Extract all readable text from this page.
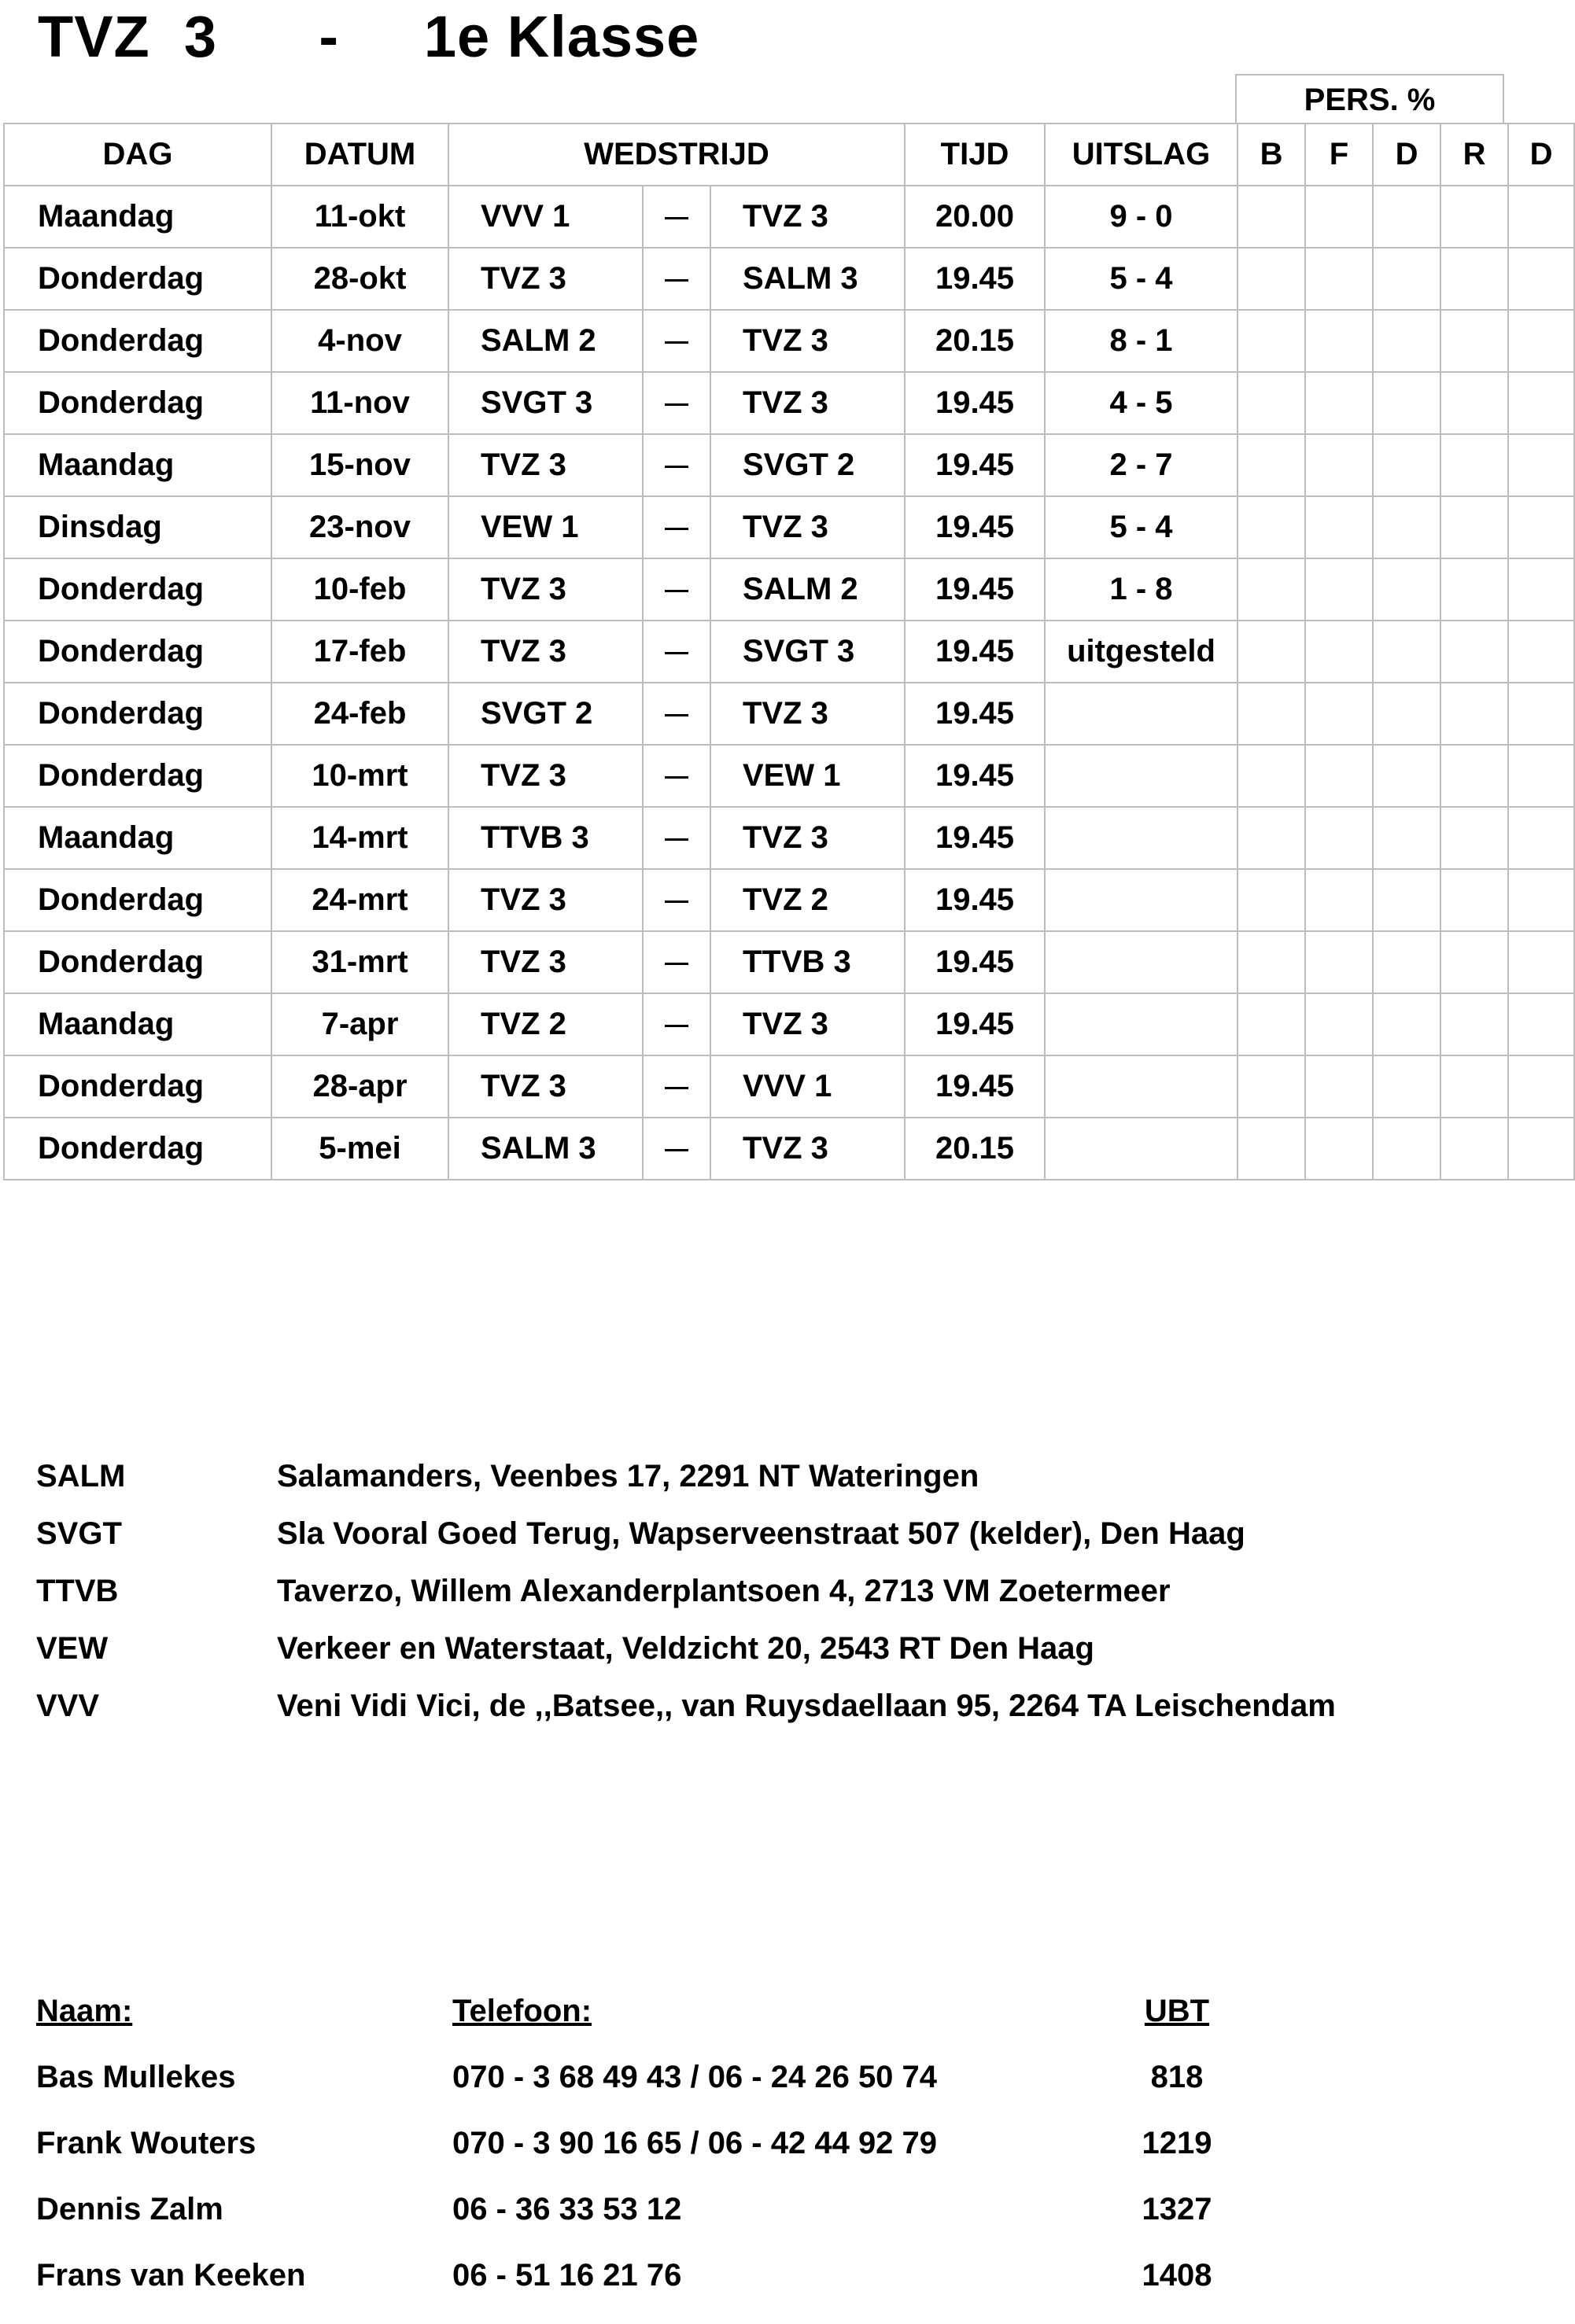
TVZ  3      -     1e Klasse
PERS. %
DAG	DATUM	WEDSTRIJD			TIJD	UITSLAG	B	F	D	R	D
Maandag	11-okt	VVV 1		TVZ 3	20.00	9 - 0					
Donderdag	28-okt	TVZ 3		SALM 3	19.45	5 - 4					
Donderdag	4-nov	SALM 2		TVZ 3	20.15	8 - 1					
Donderdag	11-nov	SVGT 3		TVZ 3	19.45	4 - 5					
Maandag	15-nov	TVZ 3		SVGT 2	19.45	2 - 7					
Dinsdag	23-nov	VEW 1		TVZ 3	19.45	5 - 4					
Donderdag	10-feb	TVZ 3		SALM 2	19.45	1 - 8					
Donderdag	17-feb	TVZ 3		SVGT 3	19.45	uitgesteld					
Donderdag	24-feb	SVGT 2		TVZ 3	19.45						
Donderdag	10-mrt	TVZ 3		VEW 1	19.45						
Maandag	14-mrt	TTVB 3		TVZ 3	19.45						
Donderdag	24-mrt	TVZ 3		TVZ 2	19.45						
Donderdag	31-mrt	TVZ 3		TTVB 3	19.45						
Maandag	7-apr	TVZ 2		TVZ 3	19.45						
Donderdag	28-apr	TVZ 3		VVV 1	19.45						
Donderdag	5-mei	SALM 3		TVZ 3	20.15						
SALM	Salamanders, Veenbes 17, 2291 NT Wateringen
SVGT	Sla Vooral Goed Terug, Wapserveenstraat 507 (kelder), Den Haag
TTVB	Taverzo, Willem Alexanderplantsoen 4, 2713 VM Zoetermeer
VEW	Verkeer en Waterstaat, Veldzicht 20, 2543 RT Den Haag
VVV	Veni Vidi Vici, de ,,Batsee,, van Ruysdaellaan 95, 2264 TA Leischendam
Naam:	Telefoon:	UBT
Bas Mullekes	070 - 3 68 49 43 / 06 - 24 26 50 74	818
Frank Wouters	070 - 3 90 16 65 / 06 - 42 44 92 79	1219
Dennis Zalm	06 - 36 33 53 12	1327
Frans van Keeken	06 - 51 16 21 76	1408
